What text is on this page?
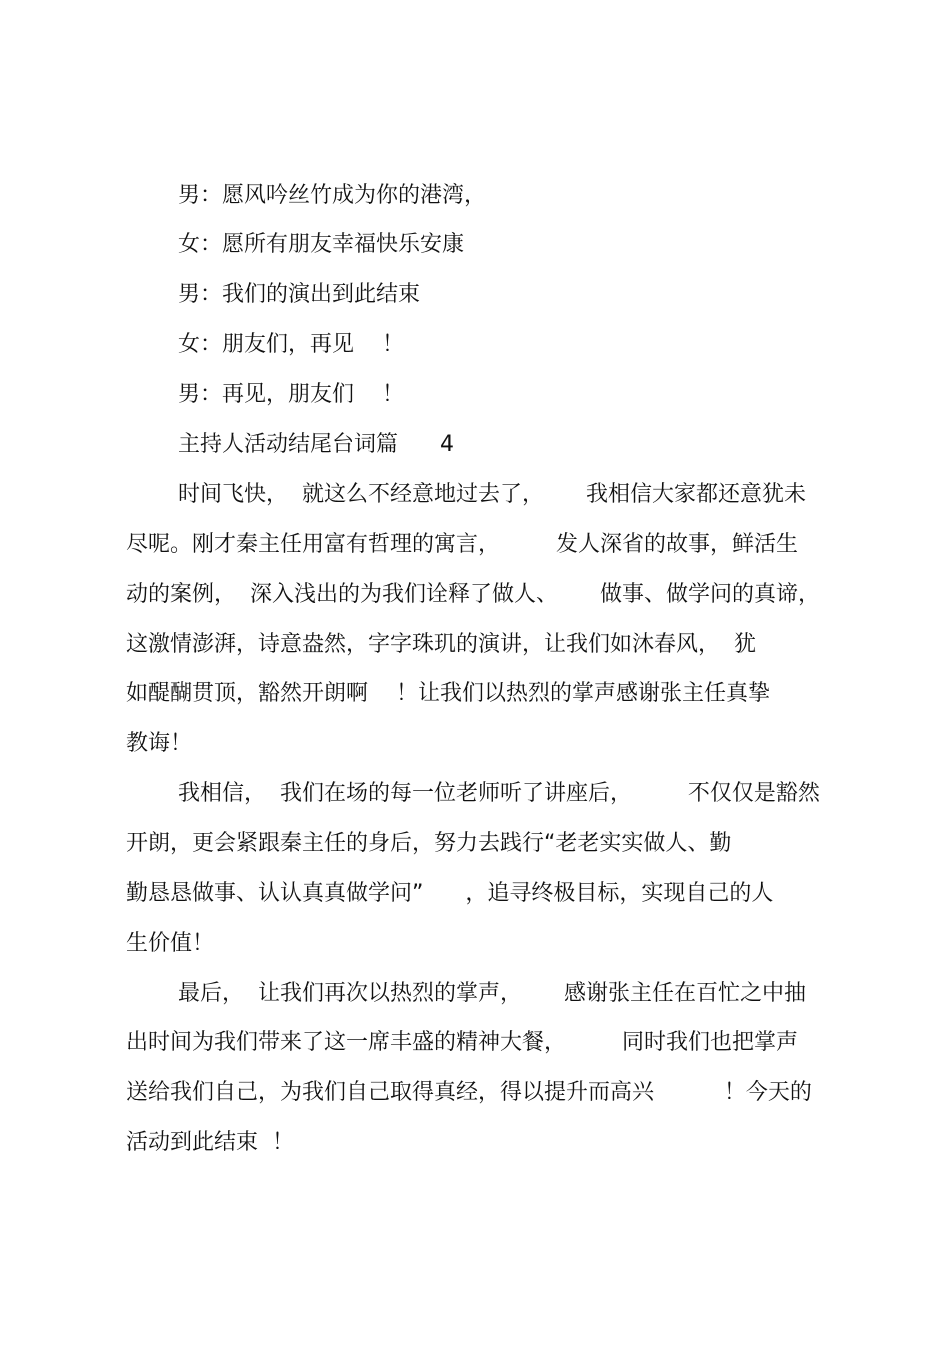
男：愿风吟丝竹成为你的港湾，
女：愿所有朋友幸福快乐安康
男：我们的演出到此结束
女：朋友们，再见    ！
男：再见，朋友们    ！
主持人活动结尾台词篇      4
时间飞快，  就这么不经意地过去了，      我相信大家都还意犹未
尽呢。刚才秦主任用富有哲理的寓言，        发人深省的故事，鲜活生
动的案例，  深入浅出的为我们诠释了做人、      做事、做学问的真谛，
这激情澎湃，诗意盎然，字字珠玑的演讲，让我们如沐春风，  犹
如醍醐贯顶，豁然开朗啊    ！让我们以热烈的掌声感谢张主任真挚
教诲！
我相信，  我们在场的每一位老师听了讲座后，        不仅仅是豁然
开朗，更会紧跟秦主任的身后，努力去践行“老老实实做人、勤
勤恳恳做事、认认真真做学问”      ，追寻终极目标，实现自己的人
生价值！
最后，  让我们再次以热烈的掌声，      感谢张主任在百忙之中抽
出时间为我们带来了这一席丰盛的精神大餐，        同时我们也把掌声
送给我们自己，为我们自己取得真经，得以提升而高兴          ！今天的
活动到此结束  ！
